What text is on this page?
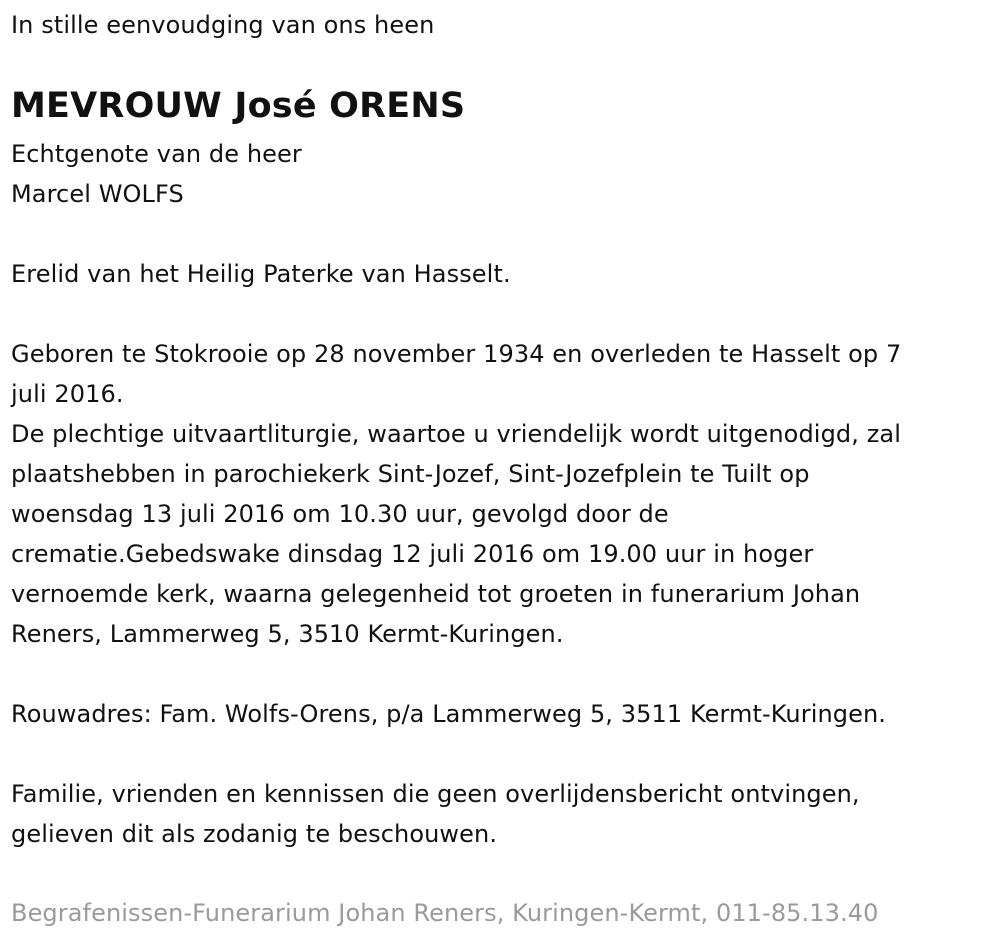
In stille eenvoudging van ons heen
MEVROUW José ORENS
Echtgenote van de heer
Marcel WOLFS
Erelid van het Heilig Paterke van Hasselt.
Geboren te Stokrooie op 28 november 1934 en overleden te Hasselt op 7
juli 2016.
De plechtige uitvaartliturgie, waartoe u vriendelijk wordt uitgenodigd, zal
plaatshebben in parochiekerk Sint-Jozef, Sint-Jozefplein te Tuilt op
woensdag 13 juli 2016 om 10.30 uur, gevolgd door de
crematie.Gebedswake dinsdag 12 juli 2016 om 19.00 uur in hoger
vernoemde kerk, waarna gelegenheid tot groeten in funerarium Johan
Reners, Lammerweg 5, 3510 Kermt-Kuringen.
Rouwadres: Fam. Wolfs-Orens, p/a Lammerweg 5, 3511 Kermt-Kuringen.
Familie, vrienden en kennissen die geen overlijdensbericht ontvingen,
gelieven dit als zodanig te beschouwen.
Begrafenissen-Funerarium Johan Reners, Kuringen-Kermt, 011-85.13.40
